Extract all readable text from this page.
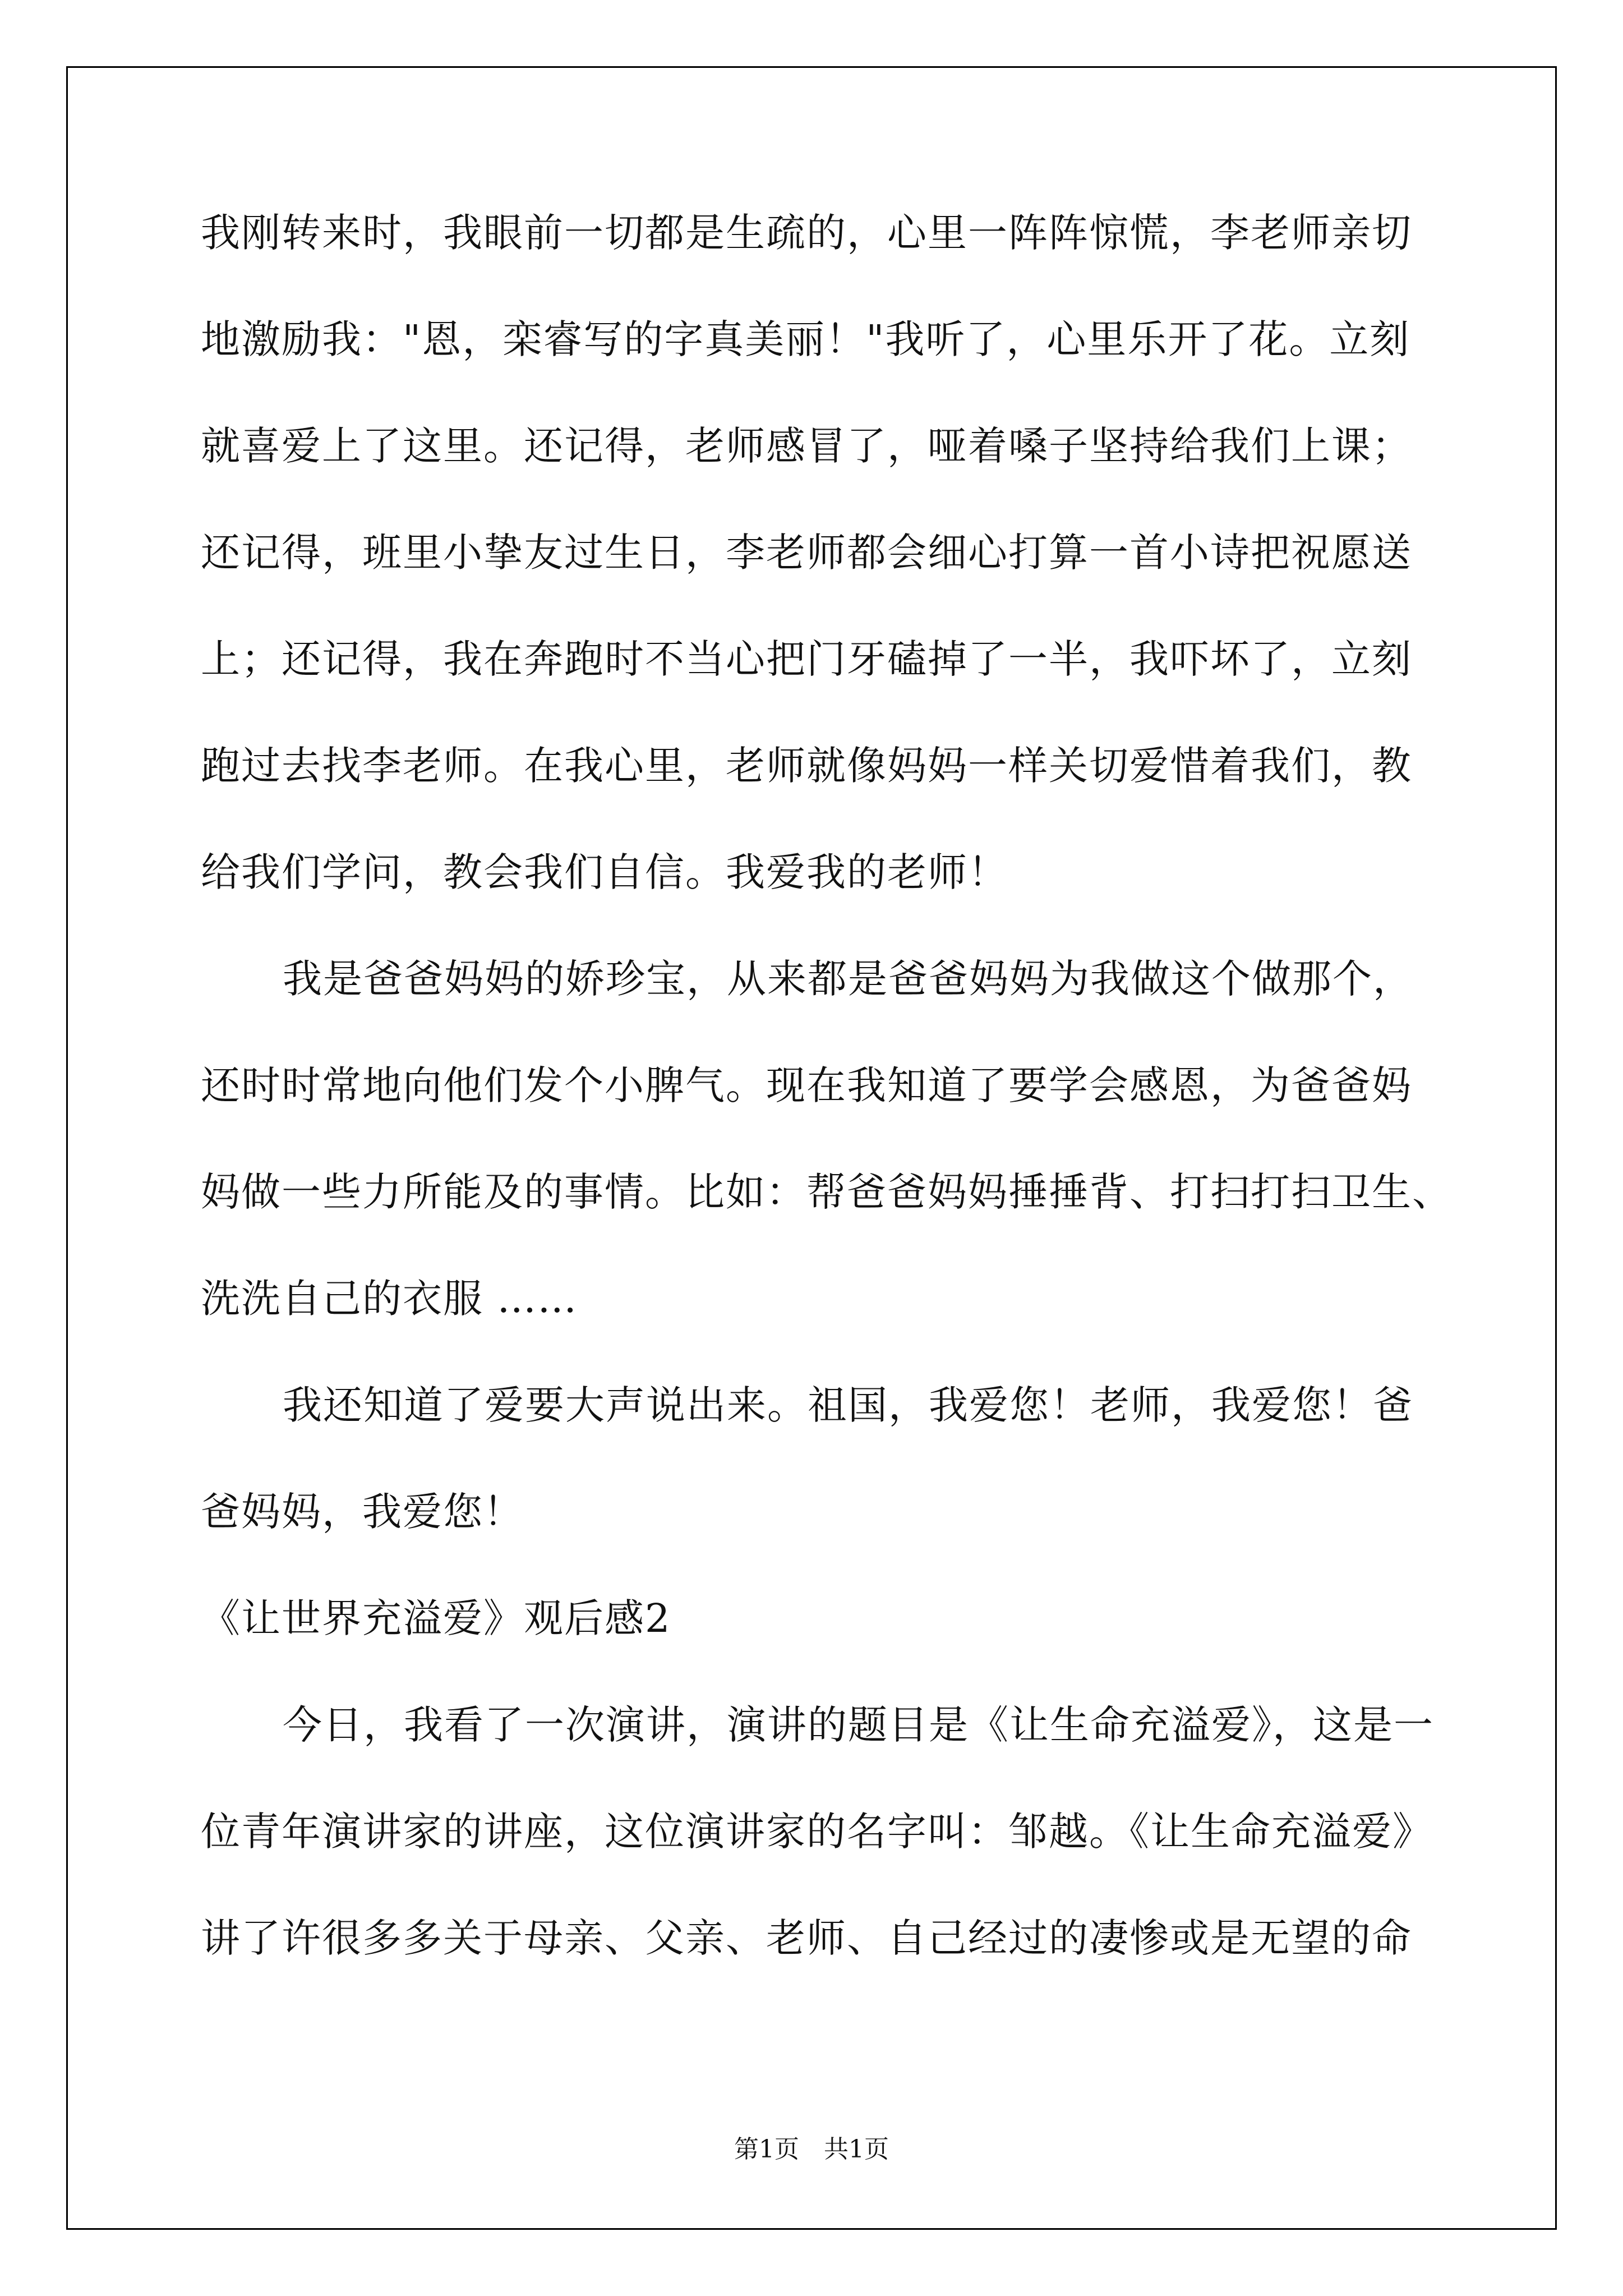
我刚转来时，我眼前一切都是生疏的，心里一阵阵惊慌，李老师亲切
地激励我："恩，栾睿写的字真美丽！"我听了，心里乐开了花。立刻
就喜爱上了这里。还记得，老师感冒了，哑着嗓子坚持给我们上课；
还记得，班里小挚友过生日，李老师都会细心打算一首小诗把祝愿送
上；还记得，我在奔跑时不当心把门牙磕掉了一半，我吓坏了，立刻
跑过去找李老师。在我心里，老师就像妈妈一样关切爱惜着我们，教
给我们学问，教会我们自信。我爱我的老师！
我是爸爸妈妈的娇珍宝，从来都是爸爸妈妈为我做这个做那个，
还时时常地向他们发个小脾气。现在我知道了要学会感恩，为爸爸妈
妈做一些力所能及的事情。比如：帮爸爸妈妈捶捶背、打扫打扫卫生、
洗洗自己的衣服 ……
我还知道了爱要大声说出来。祖国，我爱您！老师，我爱您！爸
爸妈妈，我爱您！
《让世界充溢爱》观后感2
今日，我看了一次演讲，演讲的题目是《让生命充溢爱》，这是一
位青年演讲家的讲座，这位演讲家的名字叫：邹越。《让生命充溢爱》
讲了许很多多关于母亲、父亲、老师、自己经过的凄惨或是无望的命
第1页　共1页
